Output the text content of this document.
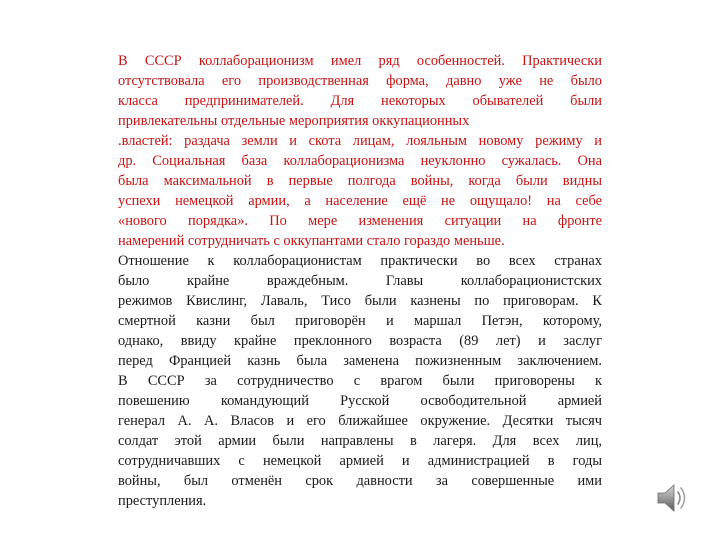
В СССР коллаборационизм имел ряд особенностей. Практически
отсутствовала его производственная форма, давно уже не было
класса предпринимателей. Для некоторых обывателей были
привлекательны отдельные мероприятия оккупационных
.властей: раздача земли и скота лицам, лояльным новому режиму и
др. Социальная база коллаборационизма неуклонно сужалась. Она
была максимальной в первые полгода войны, когда были видны
успехи немецкой армии, а население ещё не ощущало! на себе
«нового порядка». По мере изменения ситуации на фронте
намерений сотрудничать с оккупантами стало гораздо меньше.
Отношение к коллаборационистам практически во всех странах
было крайне враждебным. Главы коллаборационистских
режимов Квислинг, Лаваль, Тисо были казнены по приговорам. К
смертной казни был приговорён и маршал Петэн, которому,
однако, ввиду крайне преклонного возраста (89 лет) и заслуг
перед Францией казнь была заменена пожизненным заключением.
В СССР за сотрудничество с врагом были приговорены к
повешению командующий Русской освободительной армией
генерал А. А. Власов и его ближайшее окружение. Десятки тысяч
солдат этой армии были направлены в лагеря. Для всех лиц,
сотрудничавших с немецкой армией и администрацией в годы
войны, был отменён срок давности за совершенные ими
преступления.
